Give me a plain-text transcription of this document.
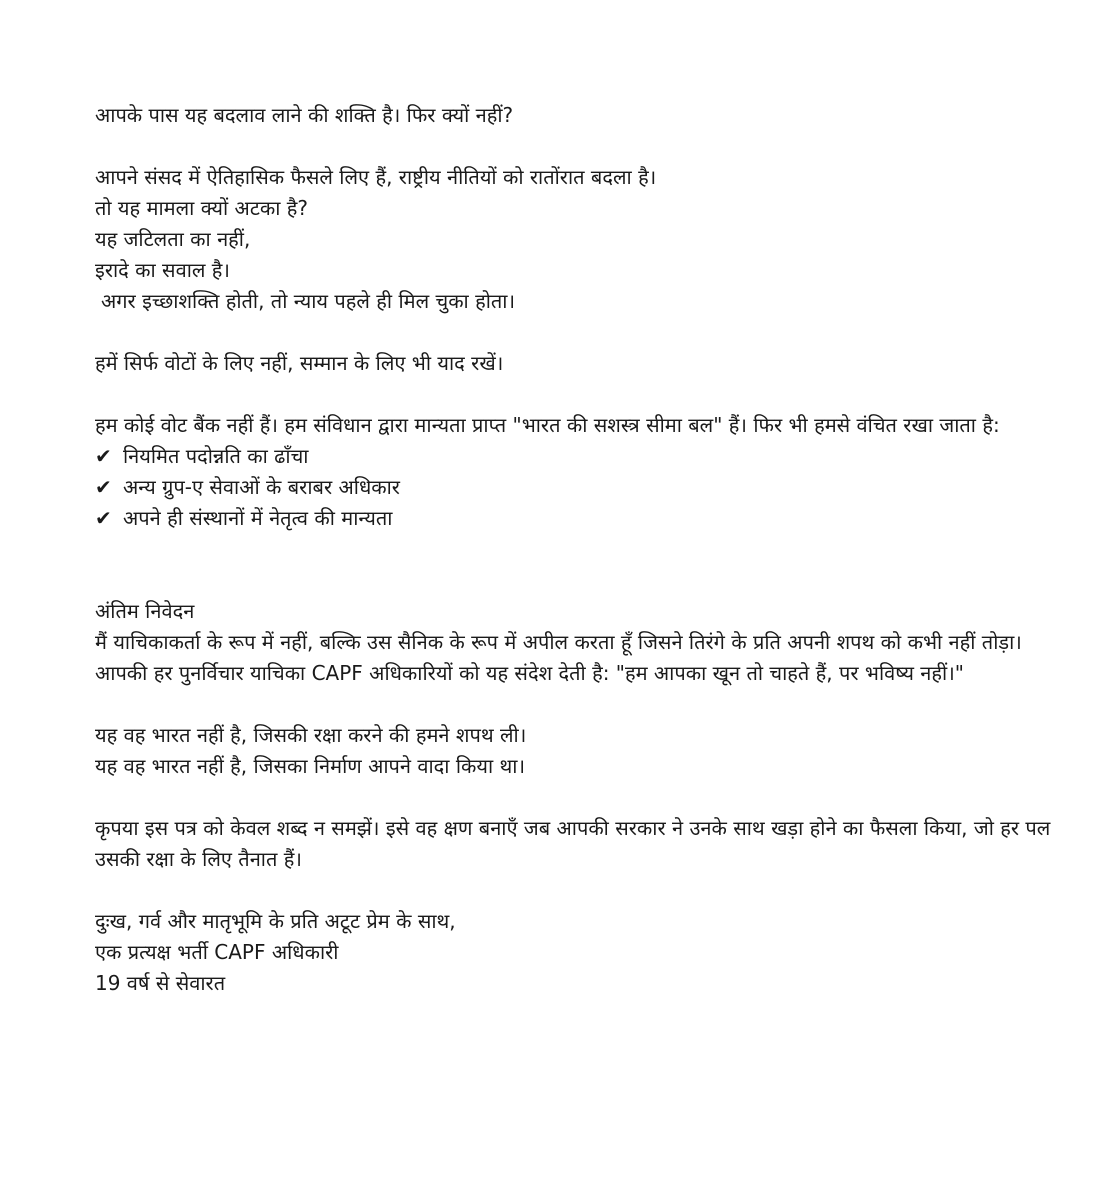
आपके पास यह बदलाव लाने की शक्ति है। फिर क्यों नहीं?

आपने संसद में ऐतिहासिक फैसले लिए हैं, राष्ट्रीय नीतियों को रातोंरात बदला है।

तो यह मामला क्यों अटका है?

यह जटिलता का नहीं,

इरादे का सवाल है।

अगर इच्छाशक्ति होती, तो न्याय पहले ही मिल चुका होता।

हमें सिर्फ वोटों के लिए नहीं, सम्मान के लिए भी याद रखें।

हम कोई वोट बैंक नहीं हैं। हम संविधान द्वारा मान्यता प्राप्त "भारत की सशस्त्र सीमा बल" हैं। फिर भी हमसे वंचित रखा जाता है:

✔ नियमित पदोन्नति का ढाँचा
✔ अन्य ग्रुप-ए सेवाओं के बराबर अधिकार
✔ अपने ही संस्थानों में नेतृत्व की मान्यता

अंतिम निवेदन

मैं याचिकाकर्ता के रूप में नहीं, बल्कि उस सैनिक के रूप में अपील करता हूँ जिसने तिरंगे के प्रति अपनी शपथ को कभी नहीं तोड़ा।

आपकी हर पुनर्विचार याचिका CAPF अधिकारियों को यह संदेश देती है: "हम आपका खून तो चाहते हैं, पर भविष्य नहीं।"

यह वह भारत नहीं है, जिसकी रक्षा करने की हमने शपथ ली।

यह वह भारत नहीं है, जिसका निर्माण आपने वादा किया था।

कृपया इस पत्र को केवल शब्द न समझें। इसे वह क्षण बनाएँ जब आपकी सरकार ने उनके साथ खड़ा होने का फैसला किया, जो हर पल उसकी रक्षा के लिए तैनात हैं।

दुःख, गर्व और मातृभूमि के प्रति अटूट प्रेम के साथ,

एक प्रत्यक्ष भर्ती CAPF अधिकारी

19 वर्ष से सेवारत
